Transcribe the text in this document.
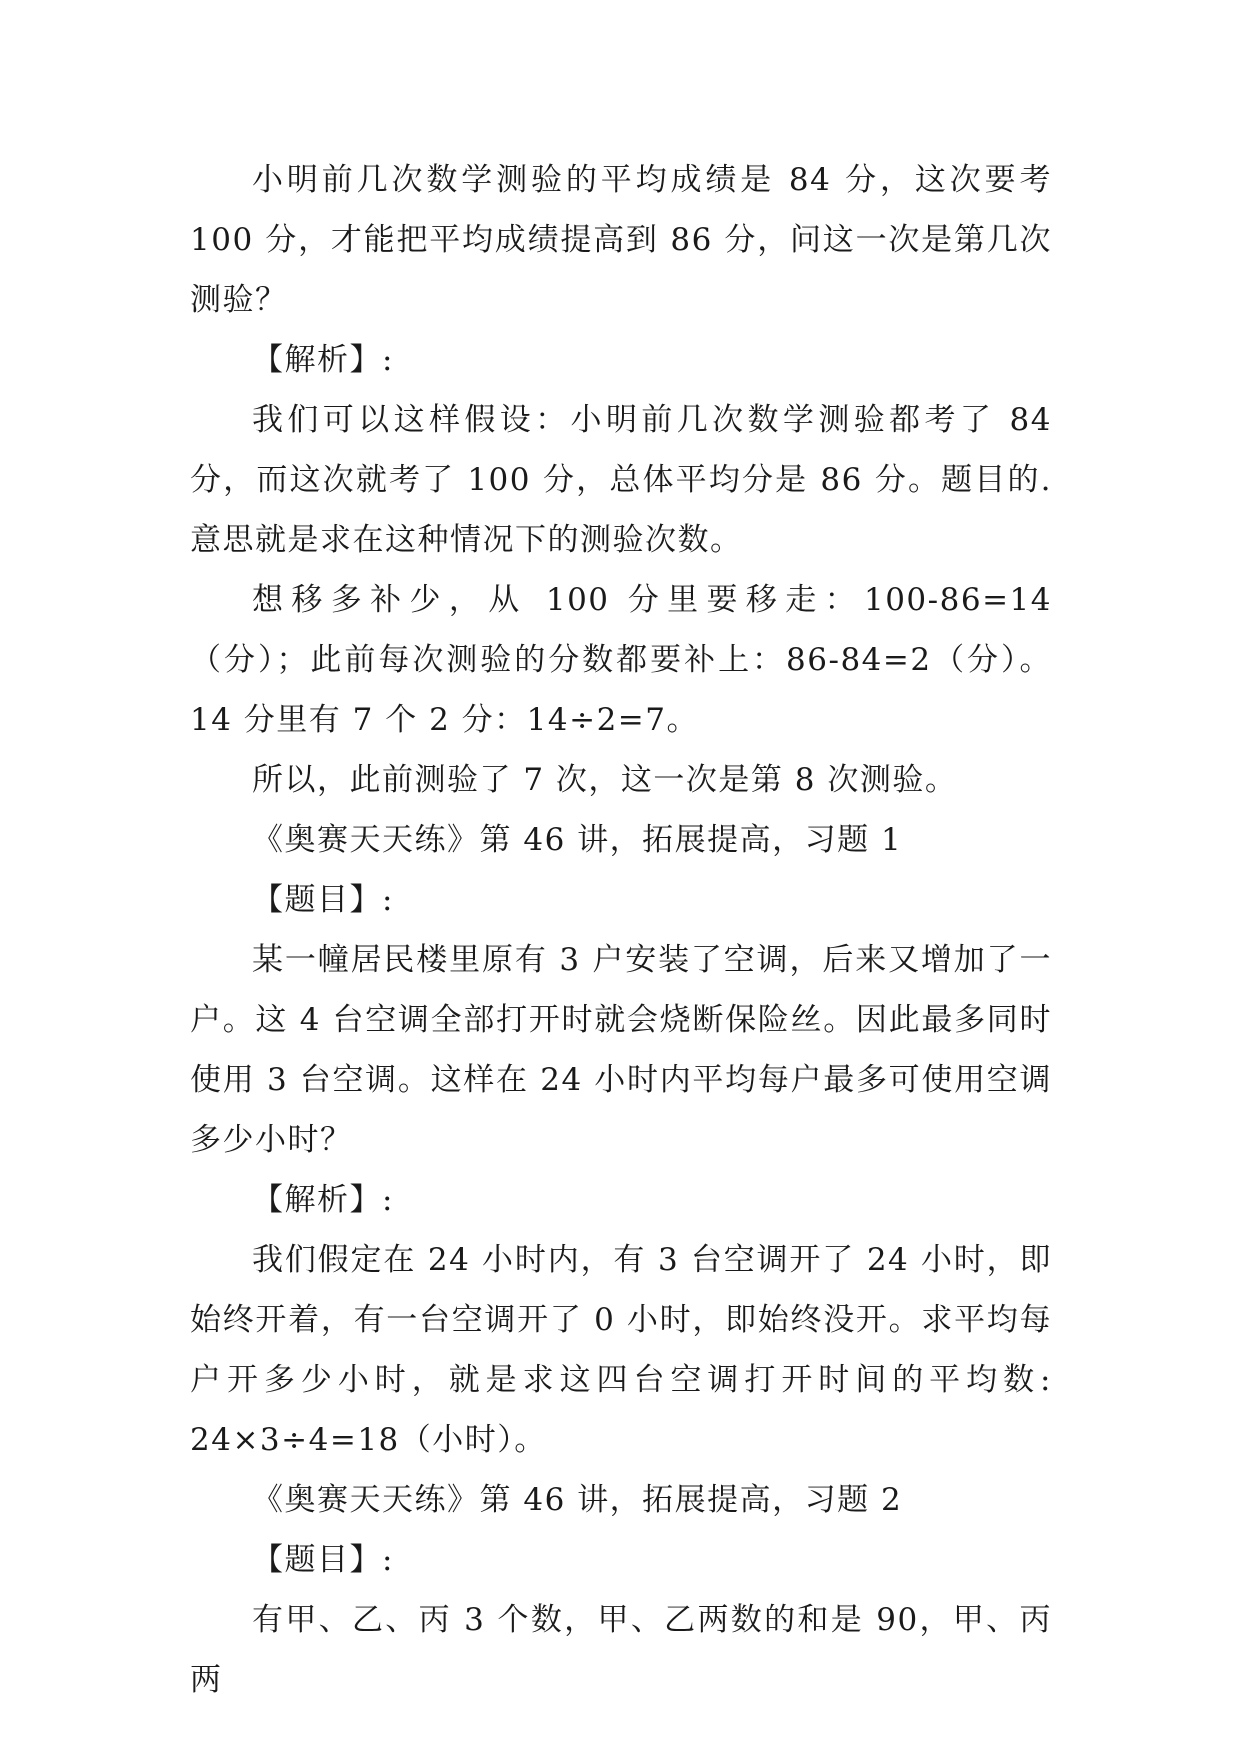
小明前几次数学测验的平均成绩是 84 分，这次要考 100 分，才能把平均成绩提高到 86 分，问这一次是第几次测验？

【解析】:

我们可以这样假设：小明前几次数学测验都考了 84 分，而这次就考了 100 分，总体平均分是 86 分。题目的.意思就是求在这种情况下的测验次数。

想移多补少，从 100 分里要移走：100-86=14（分）；此前每次测验的分数都要补上：86-84=2（分）。14 分里有 7 个 2 分：14÷2=7。

所以，此前测验了 7 次，这一次是第 8 次测验。

《奥赛天天练》第 46 讲，拓展提高，习题 1

【题目】:

某一幢居民楼里原有 3 户安装了空调，后来又增加了一户。这 4 台空调全部打开时就会烧断保险丝。因此最多同时使用 3 台空调。这样在 24 小时内平均每户最多可使用空调多少小时？

【解析】:

我们假定在 24 小时内，有 3 台空调开了 24 小时，即始终开着，有一台空调开了 0 小时，即始终没开。求平均每户开多少小时，就是求这四台空调打开时间的平均数: 24×3÷4=18（小时）。

《奥赛天天练》第 46 讲，拓展提高，习题 2

【题目】:

有甲、乙、丙 3 个数，甲、乙两数的和是 90，甲、丙两
